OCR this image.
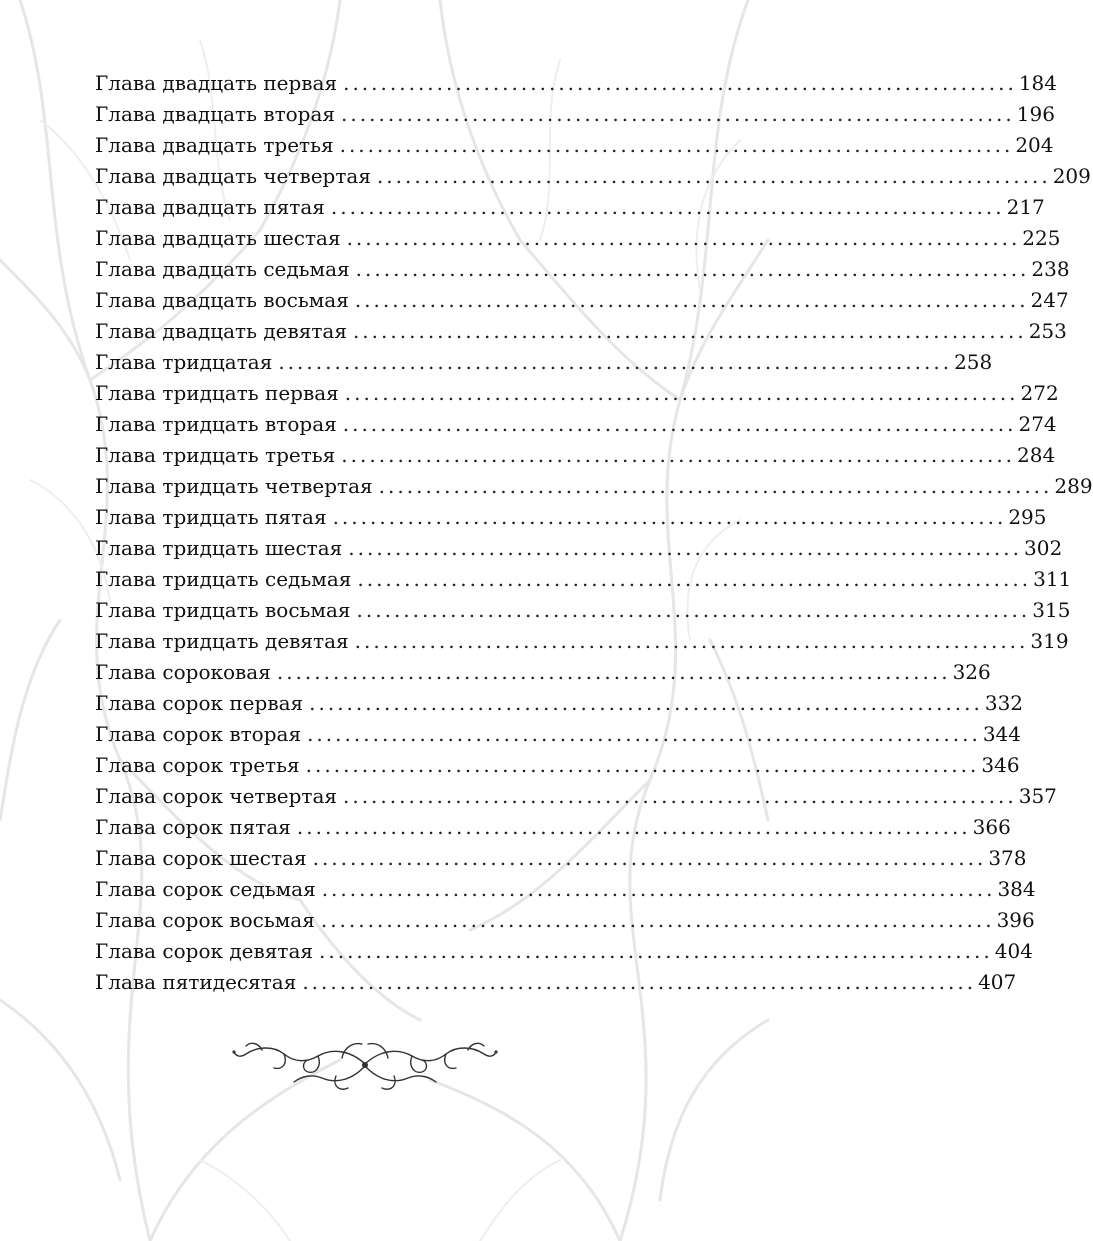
Глава двадцать первая ........................................................................ 184
Глава двадцать вторая ........................................................................ 196
Глава двадцать третья ........................................................................ 204
Глава двадцать четвертая ........................................................................ 209
Глава двадцать пятая ........................................................................ 217
Глава двадцать шестая ........................................................................ 225
Глава двадцать седьмая ........................................................................ 238
Глава двадцать восьмая ........................................................................ 247
Глава двадцать девятая ........................................................................ 253
Глава тридцатая ........................................................................ 258
Глава тридцать первая ........................................................................ 272
Глава тридцать вторая ........................................................................ 274
Глава тридцать третья ........................................................................ 284
Глава тридцать четвертая ........................................................................ 289
Глава тридцать пятая ........................................................................ 295
Глава тридцать шестая ........................................................................ 302
Глава тридцать седьмая ........................................................................ 311
Глава тридцать восьмая ........................................................................ 315
Глава тридцать девятая ........................................................................ 319
Глава сороковая ........................................................................ 326
Глава сорок первая ........................................................................ 332
Глава сорок вторая ........................................................................ 344
Глава сорок третья ........................................................................ 346
Глава сорок четвертая ........................................................................ 357
Глава сорок пятая ........................................................................ 366
Глава сорок шестая ........................................................................ 378
Глава сорок седьмая ........................................................................ 384
Глава сорок восьмая ........................................................................ 396
Глава сорок девятая ........................................................................ 404
Глава пятидесятая ........................................................................ 407
